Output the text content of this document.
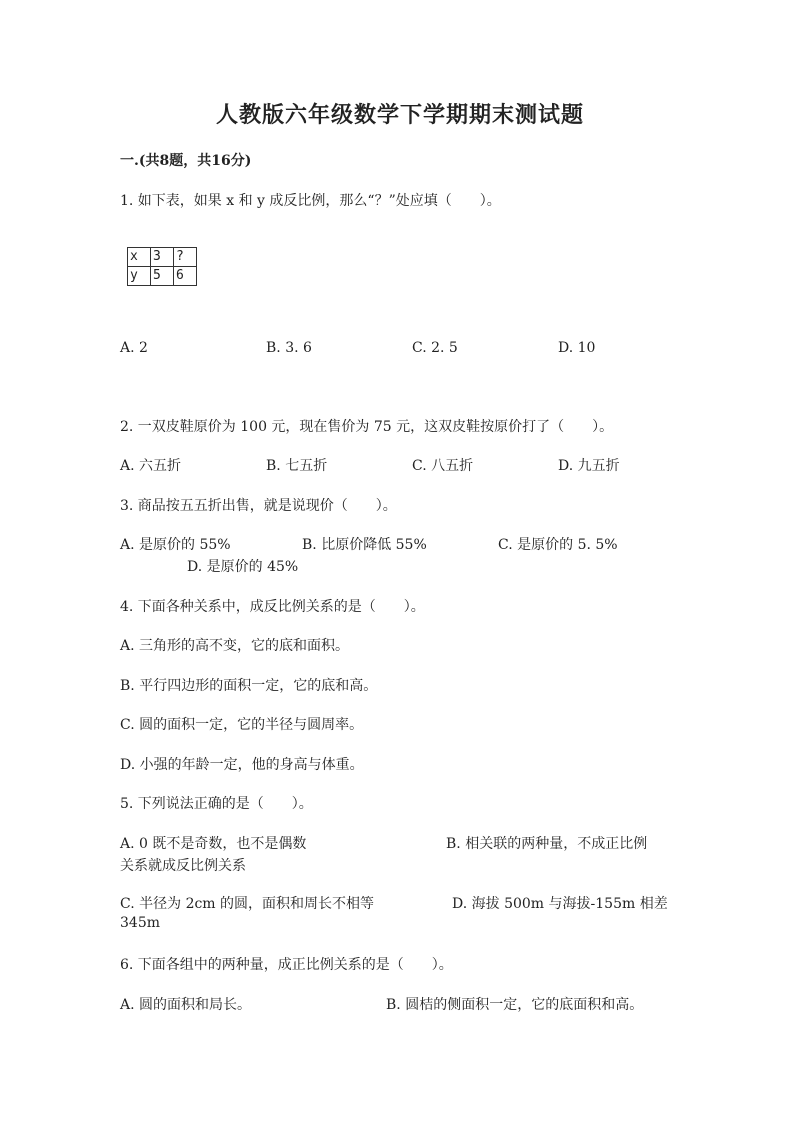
人教版六年级数学下学期期末测试题
一.(共8题，共16分)
1. 如下表，如果 x 和 y 成反比例，那么“？”处应填（　　）。
x	3	?
y	5	6
A. 2	B. 3. 6	C. 2. 5	D. 10
2. 一双皮鞋原价为 100 元，现在售价为 75 元，这双皮鞋按原价打了（　　）。
A. 六五折	B. 七五折	C. 八五折	D. 九五折
3. 商品按五五折出售，就是说现价（　　）。
A. 是原价的 55%	B. 比原价降低 55%	C. 是原价的 5. 5%
D. 是原价的 45%
4. 下面各种关系中，成反比例关系的是（　　）。
A. 三角形的高不变，它的底和面积。
B. 平行四边形的面积一定，它的底和高。
C. 圆的面积一定，它的半径与圆周率。
D. 小强的年龄一定，他的身高与体重。
5. 下列说法正确的是（　　）。
A. 0 既不是奇数，也不是偶数	B. 相关联的两种量，不成正比例
关系就成反比例关系
C. 半径为 2cm 的圆，面积和周长不相等	D. 海拔 500m 与海拔-155m 相差
345m
6. 下面各组中的两种量，成正比例关系的是（　　）。
A. 圆的面积和局长。	B. 圆桔的侧面积一定，它的底面积和高。
